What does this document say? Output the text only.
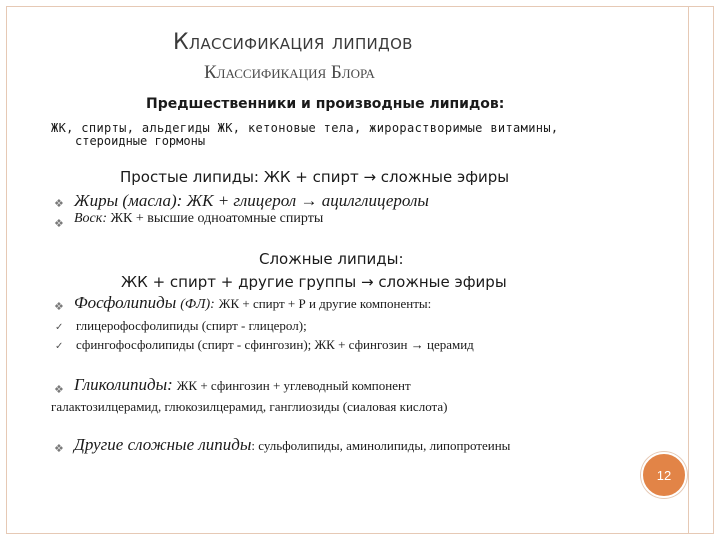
Классификация липидов
Классификация Блора
Предшественники и производные липидов:
ЖК, спирты, альдегиды ЖК, кетоновые тела, жирорастворимые витамины,
стероидные гормоны
Простые липиды: ЖК + спирт → сложные эфиры
❖ Жиры (масла): ЖК + глицерол → ацилглицеролы
❖ Воск: ЖК + высшие одноатомные спирты
Сложные липиды:
ЖК + спирт + другие группы → сложные эфиры
❖ Фосфолипиды (ФЛ): ЖК + спирт + Р и другие компоненты:
✓ глицерофосфолипиды (спирт - глицерол);
✓ сфингофосфолипиды (спирт - сфингозин); ЖК + сфингозин → церамид
❖ Гликолипиды: ЖК + сфингозин + углеводный компонент
галактозилцерамид, глюкозилцерамид, ганглиозиды (сиаловая кислота)
❖ Другие сложные липиды: сульфолипиды, аминолипиды, липопротеины
12
